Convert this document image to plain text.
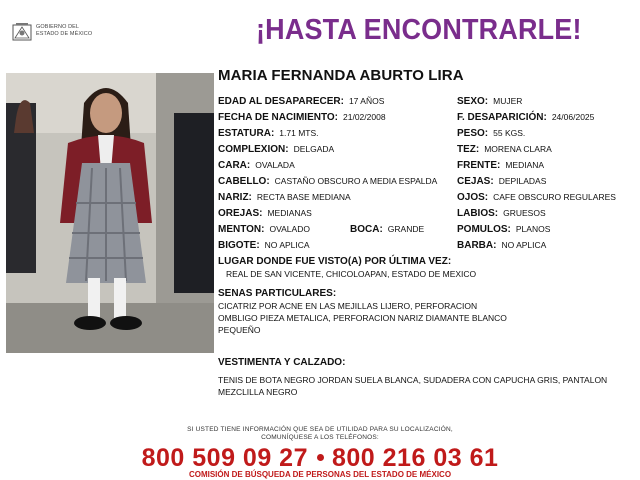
GOBIERNO DEL
ESTADO DE MÉXICO	¡HASTA ENCONTRARLE!
MARIA FERNANDA ABURTO LIRA
EDAD AL DESAPARECER: 17 AÑOS
FECHA DE NACIMIENTO: 21/02/2008
ESTATURA: 1.71 MTS.
COMPLEXION: DELGADA
CARA: OVALADA
CABELLO: CASTAÑO OBSCURO A MEDIA ESPALDA
NARIZ: RECTA BASE MEDIANA
OREJAS: MEDIANAS
MENTON: OVALADO	BOCA: GRANDE
BIGOTE: NO APLICA
SEXO: MUJER
F. DESAPARICIÓN: 24/06/2025
PESO: 55 KGS.
TEZ: MORENA CLARA
FRENTE: MEDIANA
CEJAS: DEPILADAS
OJOS: CAFE OBSCURO REGULARES
LABIOS: GRUESOS
POMULOS: PLANOS
BARBA: NO APLICA
LUGAR DONDE FUE VISTO(A) POR ÚLTIMA VEZ:
REAL DE SAN VICENTE, CHICOLOAPAN, ESTADO DE MEXICO
SENAS PARTICULARES:
CICATRIZ POR ACNE EN LAS MEJILLAS LIJERO, PERFORACION OMBLIGO PIEZA METALICA, PERFORACION NARIZ DIAMANTE BLANCO PEQUEÑO
VESTIMENTA Y CALZADO:
TENIS DE BOTA NEGRO JORDAN SUELA BLANCA, SUDADERA CON CAPUCHA GRIS, PANTALON MEZCLILLA NEGRO
SI USTED TIENE INFORMACIÓN QUE SEA DE UTILIDAD PARA SU LOCALIZACIÓN,
COMUNÍQUESE A LOS TELÉFONOS:
800 509 09 27 800 216 03 61
COMISIÓN DE BÚSQUEDA DE PERSONAS DEL ESTADO DE MÉXICO
